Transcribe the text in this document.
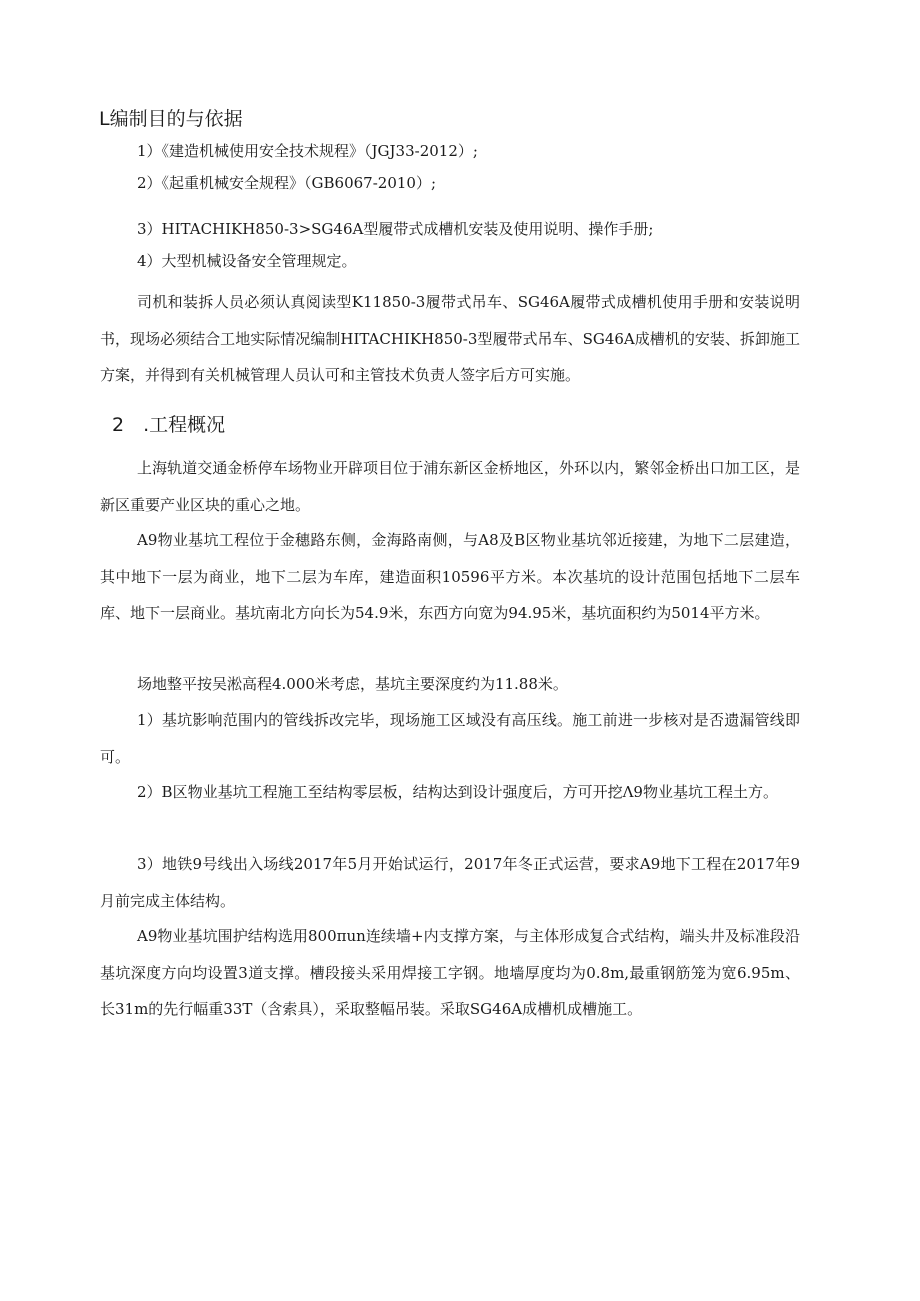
L编制目的与依据

1）《建造机械使用安全技术规程》（JGJ33-2012）;

2）《起重机械安全规程》（GB6067-2010）;

3）HITACHIKH850-3>SG46A型履带式成槽机安装及使用说明、操作手册;

4）大型机械设备安全管理规定。

司机和装拆人员必须认真阅读型K11850-3履带式吊车、SG46A履带式成槽机使用手册和安装说明书，现场必须结合工地实际情况编制HITACHIKH850-3型履带式吊车、SG46A成槽机的安装、拆卸施工方案，并得到有关机械管理人员认可和主管技术负责人签字后方可实施。

2　.工程概况

上海轨道交通金桥停车场物业开辟项目位于浦东新区金桥地区，外环以内，繁邻金桥出口加工区，是新区重要产业区块的重心之地。

A9物业基坑工程位于金穗路东侧，金海路南侧，与A8及B区物业基坑邻近接建，为地下二层建造，其中地下一层为商业，地下二层为车库，建造面积10596平方米。本次基坑的设计范围包括地下二层车库、地下一层商业。基坑南北方向长为54.9米，东西方向宽为94.95米，基坑面积约为5014平方米。

场地整平按吴淞高程4.000米考虑，基坑主要深度约为11.88米。

1）基坑影响范围内的管线拆改完毕，现场施工区域没有高压线。施工前进一步核对是否遗漏管线即可。

2）B区物业基坑工程施工至结构零层板，结构达到设计强度后，方可开挖Λ9物业基坑工程土方。

3）地铁9号线出入场线2017年5月开始试运行，2017年冬正式运营，要求A9地下工程在2017年9月前完成主体结构。

A9物业基坑围护结构选用800πun连续墙+内支撑方案，与主体形成复合式结构，端头井及标准段沿基坑深度方向均设置3道支撑。槽段接头采用焊接工字钢。地墙厚度均为0.8m,最重钢筋笼为宽6.95m、长31m的先行幅重33T（含索具），采取整幅吊装。采取SG46A成槽机成槽施工。
